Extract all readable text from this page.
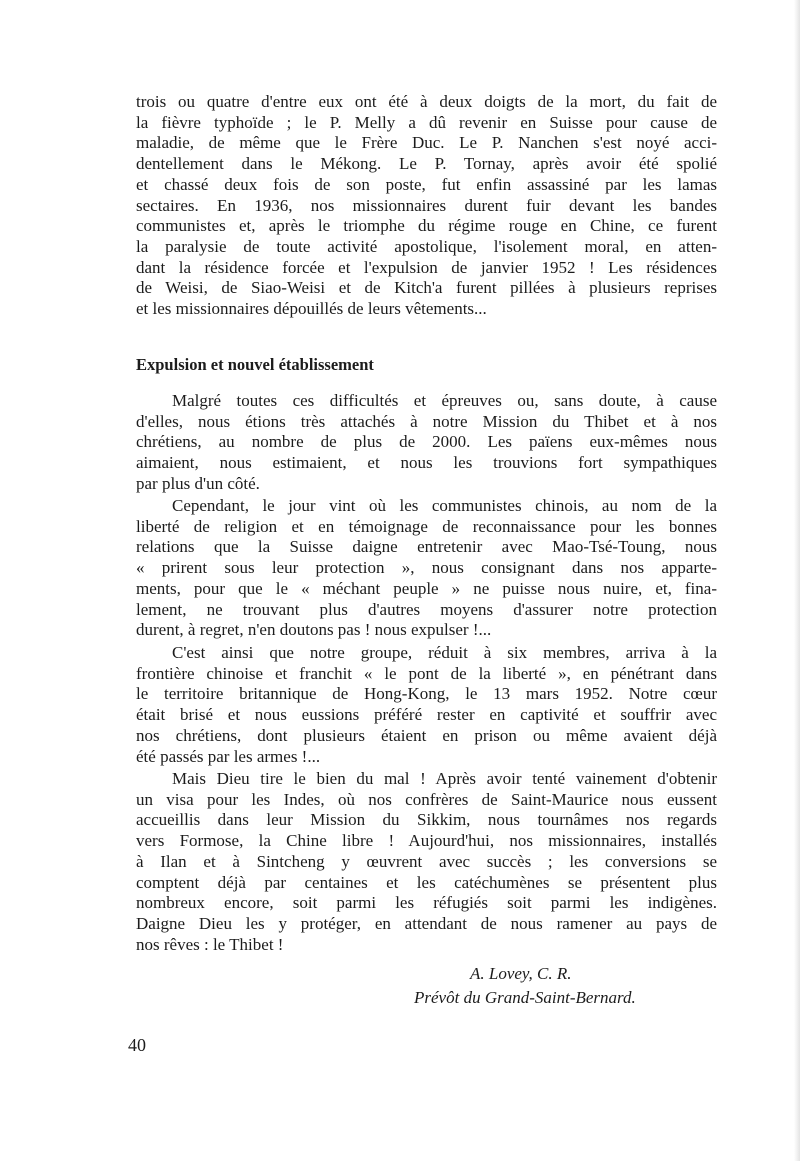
trois ou quatre d'entre eux ont été à deux doigts de la mort, du fait de
la fièvre typhoïde ; le P. Melly a dû revenir en Suisse pour cause de
maladie, de même que le Frère Duc. Le P. Nanchen s'est noyé acci-
dentellement dans le Mékong. Le P. Tornay, après avoir été spolié
et chassé deux fois de son poste, fut enfin assassiné par les lamas
sectaires. En 1936, nos missionnaires durent fuir devant les bandes
communistes et, après le triomphe du régime rouge en Chine, ce furent
la paralysie de toute activité apostolique, l'isolement moral, en atten-
dant la résidence forcée et l'expulsion de janvier 1952 ! Les résidences
de Weisi, de Siao-Weisi et de Kitch'a furent pillées à plusieurs reprises
et les missionnaires dépouillés de leurs vêtements...

Expulsion et nouvel établissement

Malgré toutes ces difficultés et épreuves ou, sans doute, à cause
d'elles, nous étions très attachés à notre Mission du Thibet et à nos
chrétiens, au nombre de plus de 2000. Les païens eux-mêmes nous
aimaient, nous estimaient, et nous les trouvions fort sympathiques
par plus d'un côté.

Cependant, le jour vint où les communistes chinois, au nom de la
liberté de religion et en témoignage de reconnaissance pour les bonnes
relations que la Suisse daigne entretenir avec Mao-Tsé-Toung, nous
« prirent sous leur protection », nous consignant dans nos apparte-
ments, pour que le « méchant peuple » ne puisse nous nuire, et, fina-
lement, ne trouvant plus d'autres moyens d'assurer notre protection
durent, à regret, n'en doutons pas ! nous expulser !...

C'est ainsi que notre groupe, réduit à six membres, arriva à la
frontière chinoise et franchit « le pont de la liberté », en pénétrant dans
le territoire britannique de Hong-Kong, le 13 mars 1952. Notre cœur
était brisé et nous eussions préféré rester en captivité et souffrir avec
nos chrétiens, dont plusieurs étaient en prison ou même avaient déjà
été passés par les armes !...

Mais Dieu tire le bien du mal ! Après avoir tenté vainement d'obtenir
un visa pour les Indes, où nos confrères de Saint-Maurice nous eussent
accueillis dans leur Mission du Sikkim, nous tournâmes nos regards
vers Formose, la Chine libre ! Aujourd'hui, nos missionnaires, installés
à Ilan et à Sintcheng y œuvrent avec succès ; les conversions se
comptent déjà par centaines et les catéchumènes se présentent plus
nombreux encore, soit parmi les réfugiés soit parmi les indigènes.
Daigne Dieu les y protéger, en attendant de nous ramener au pays de
nos rêves : le Thibet !

A. Lovey, C. R.

Prévôt du Grand-Saint-Bernard.

40
